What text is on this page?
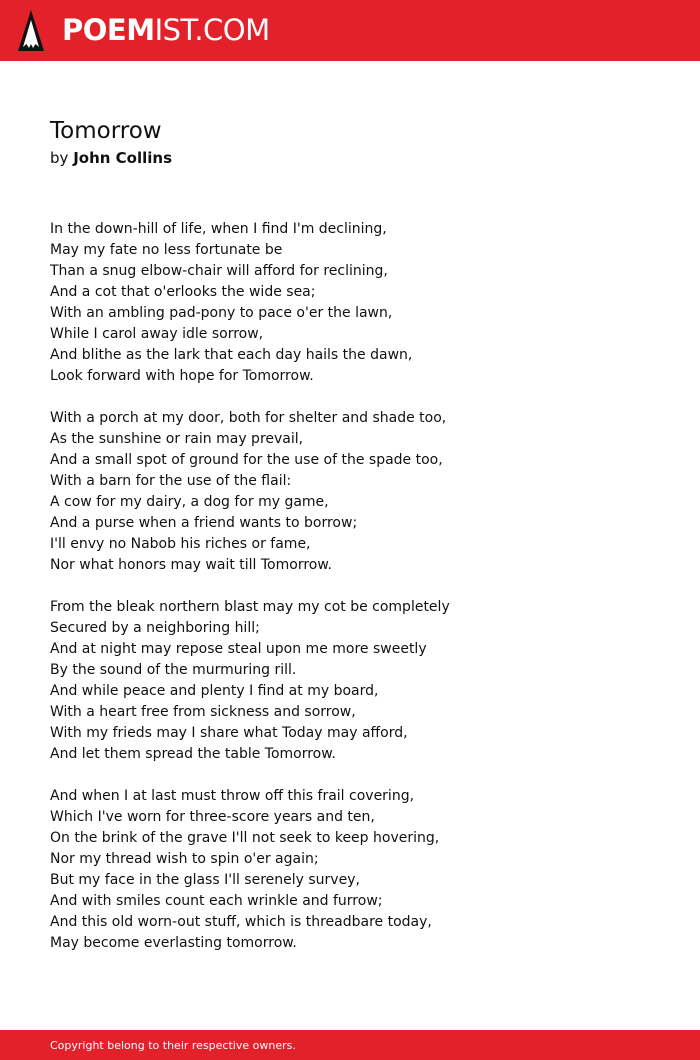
POEMIST.COM
Tomorrow
by John Collins
In the down-hill of life, when I find I'm declining,
May my fate no less fortunate be
Than a snug elbow-chair will afford for reclining,
And a cot that o'erlooks the wide sea;
With an ambling pad-pony to pace o'er the lawn,
While I carol away idle sorrow,
And blithe as the lark that each day hails the dawn,
Look forward with hope for Tomorrow.
With a porch at my door, both for shelter and shade too,
As the sunshine or rain may prevail,
And a small spot of ground for the use of the spade too,
With a barn for the use of the flail:
A cow for my dairy, a dog for my game,
And a purse when a friend wants to borrow;
I'll envy no Nabob his riches or fame,
Nor what honors may wait till Tomorrow.
From the bleak northern blast may my cot be completely
Secured by a neighboring hill;
And at night may repose steal upon me more sweetly
By the sound of the murmuring rill.
And while peace and plenty I find at my board,
With a heart free from sickness and sorrow,
With my frieds may I share what Today may afford,
And let them spread the table Tomorrow.
And when I at last must throw off this frail covering,
Which I've worn for three-score years and ten,
On the brink of the grave I'll not seek to keep hovering,
Nor my thread wish to spin o'er again;
But my face in the glass I'll serenely survey,
And with smiles count each wrinkle and furrow;
And this old worn-out stuff, which is threadbare today,
May become everlasting tomorrow.
Copyright belong to their respective owners.
